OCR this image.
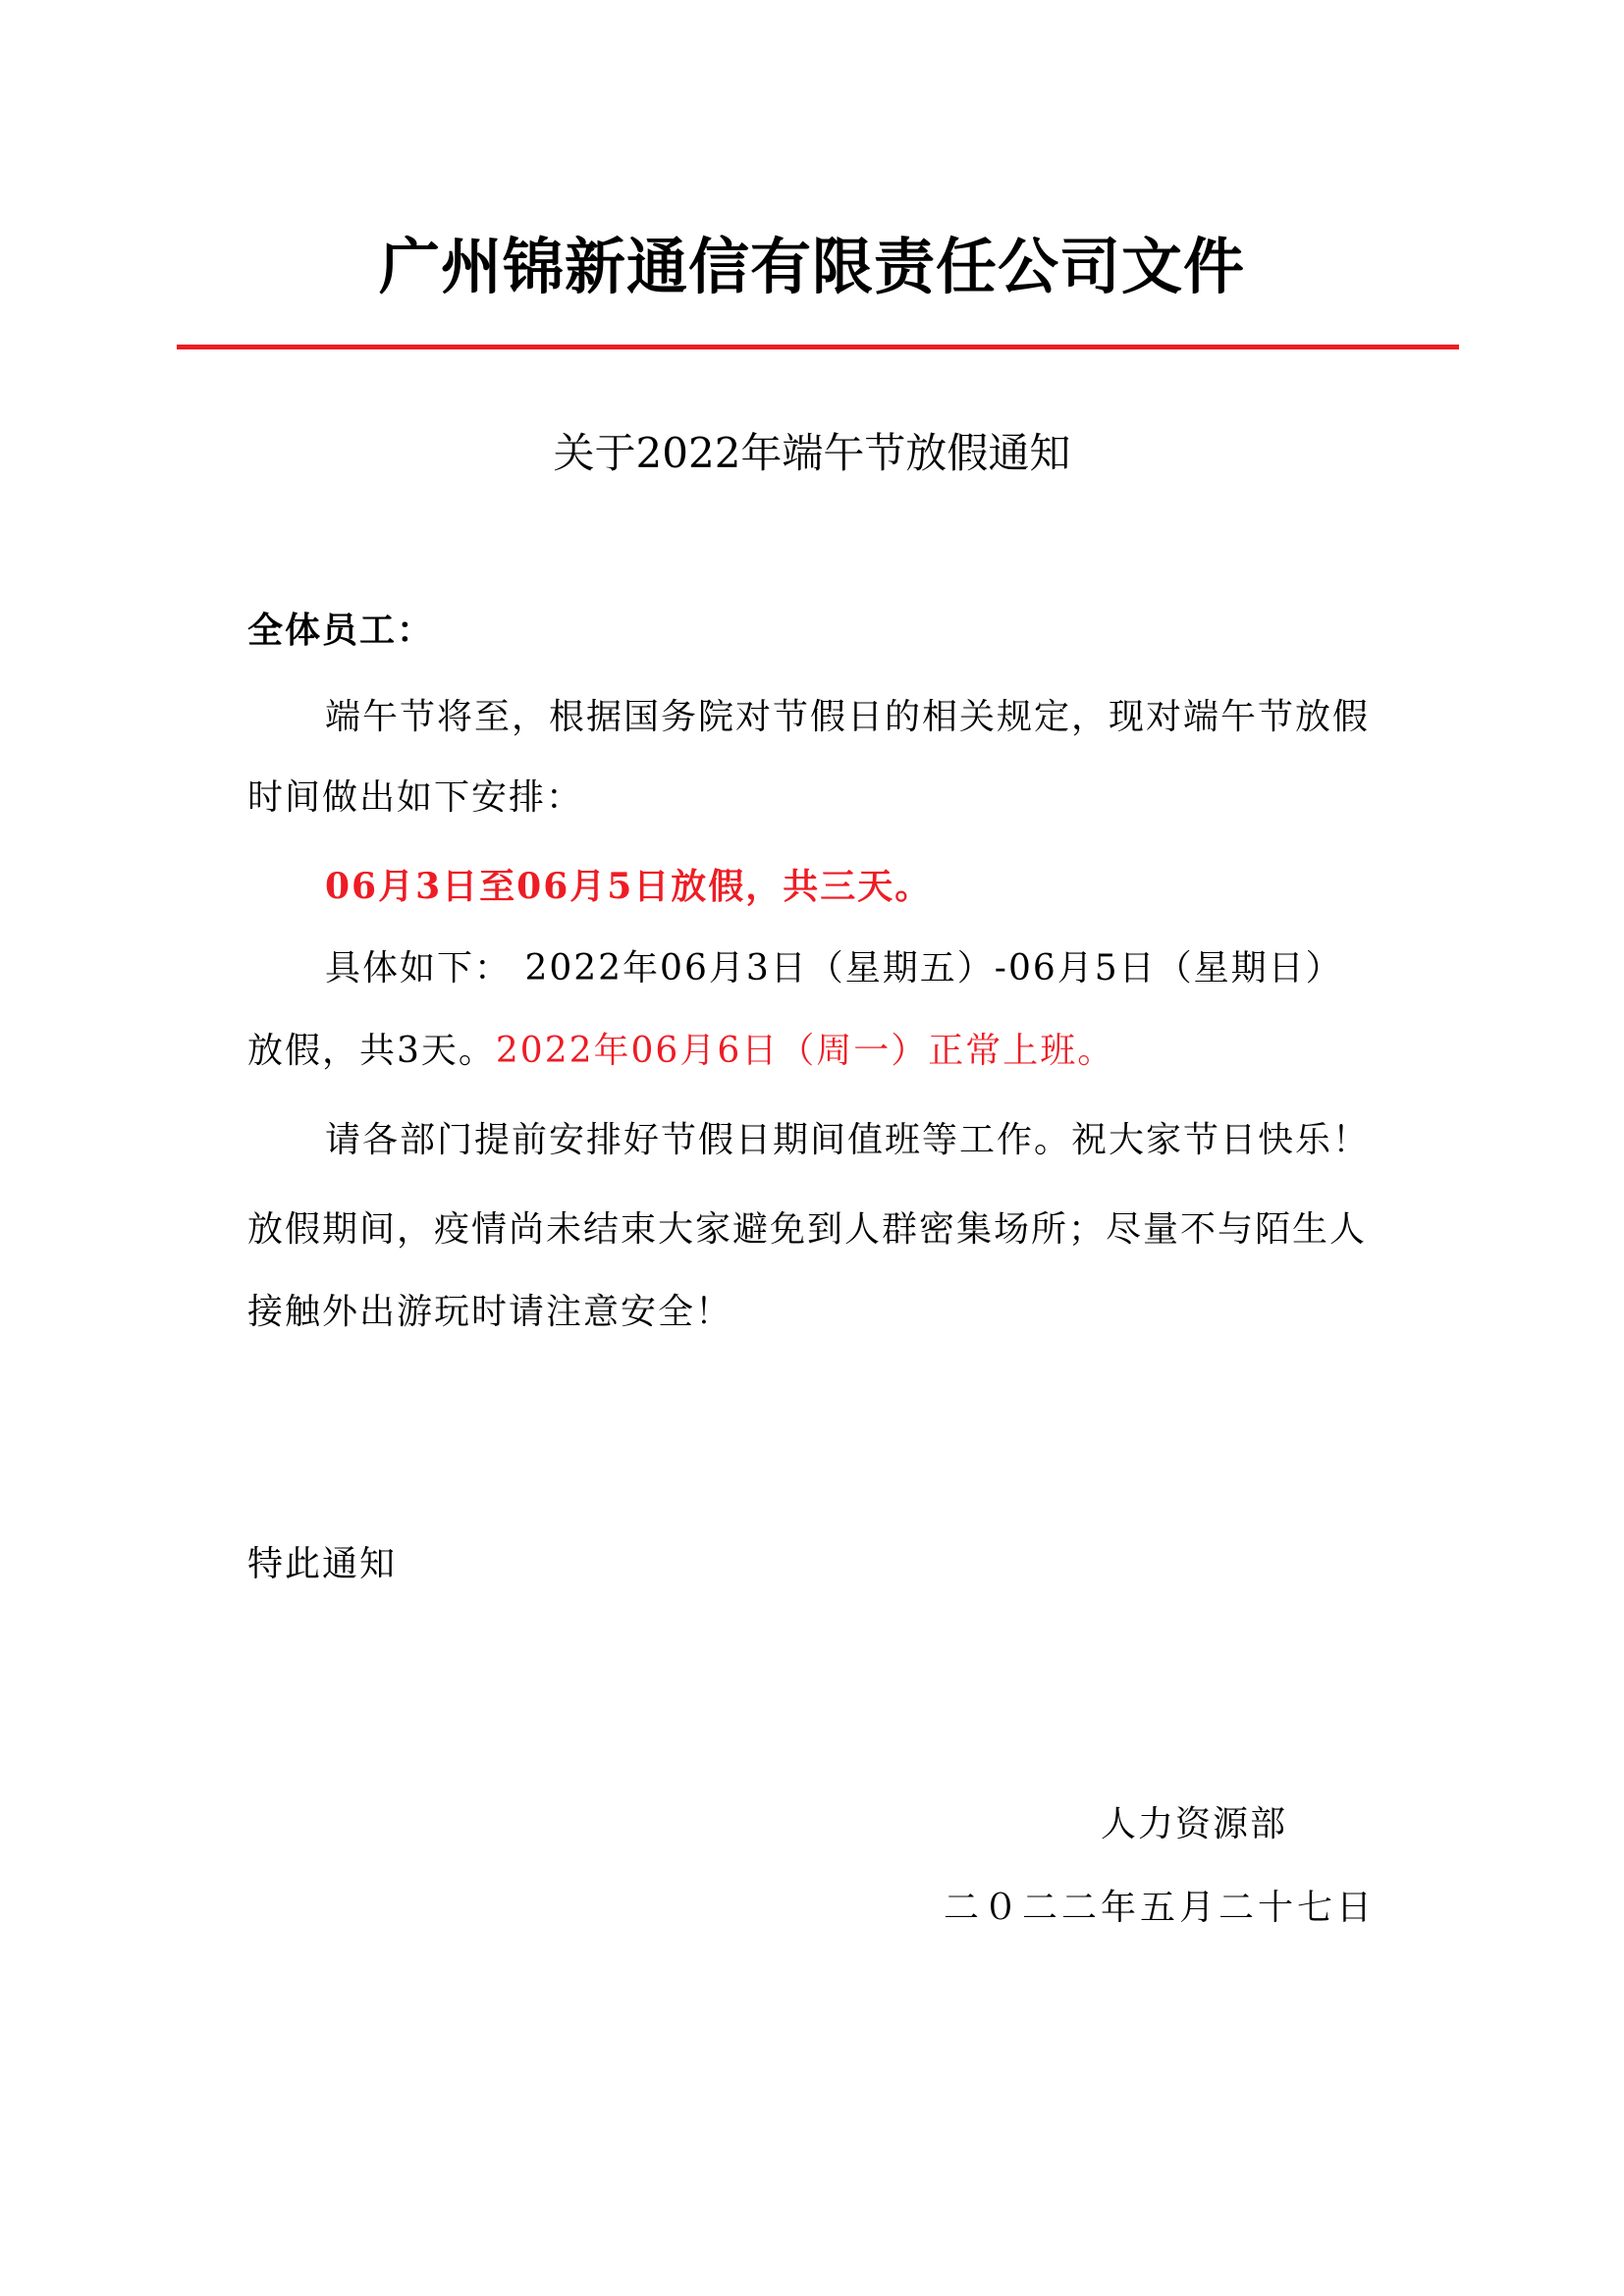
广州锦新通信有限责任公司文件
关于2022年端午节放假通知
全体员工：
端午节将至，根据国务院对节假日的相关规定，现对端午节放假
时间做出如下安排：
06月3日至06月5日放假，共三天。
具体如下： 2022年06月3日（星期五）-06月5日（星期日）
放假，共3天。2022年06月6日（周一）正常上班。
请各部门提前安排好节假日期间值班等工作。祝大家节日快乐！
放假期间，疫情尚未结束大家避免到人群密集场所；尽量不与陌生人
接触外出游玩时请注意安全！
特此通知
人力资源部
二０二二年五月二十七日
